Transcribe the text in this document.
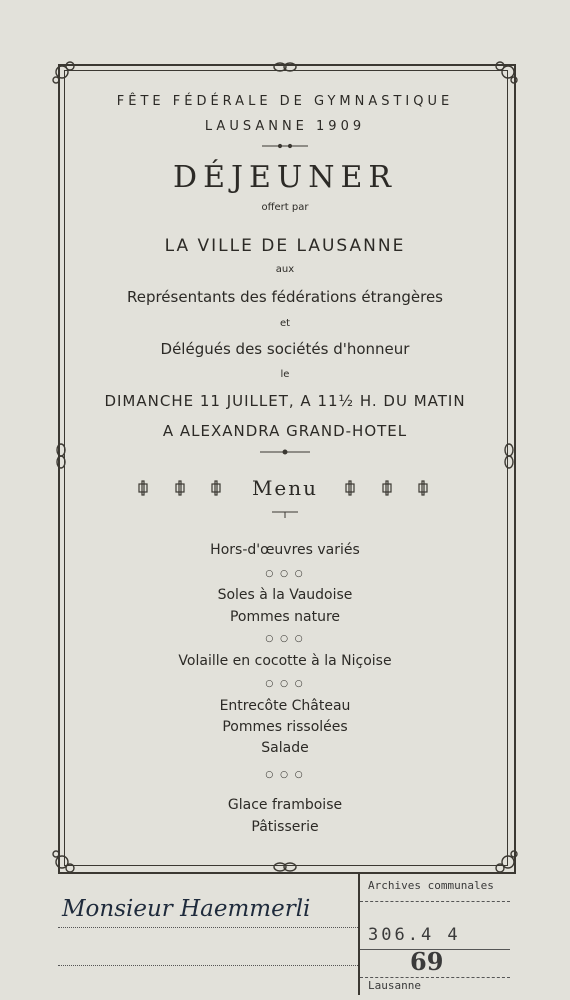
FÊTE FÉDÉRALE DE GYMNASTIQUE
LAUSANNE 1909
DÉJEUNER
offert par
LA VILLE DE LAUSANNE
aux
Représentants des fédérations étrangères
et
Délégués des sociétés d'honneur
le
DIMANCHE 11 JUILLET, A 11½ H. DU MATIN
A ALEXANDRA GRAND-HOTEL
Menu
Hors-d'œuvres variés
○ ○ ○
Soles à la Vaudoise
Pommes nature
○ ○ ○
Volaille en cocotte à la Niçoise
○ ○ ○
Entrecôte Château
Pommes rissolées
Salade
○ ○ ○
Glace framboise
Pâtisserie
Monsieur Haemmerli
Archives communales
306.4 4
69
Lausanne
